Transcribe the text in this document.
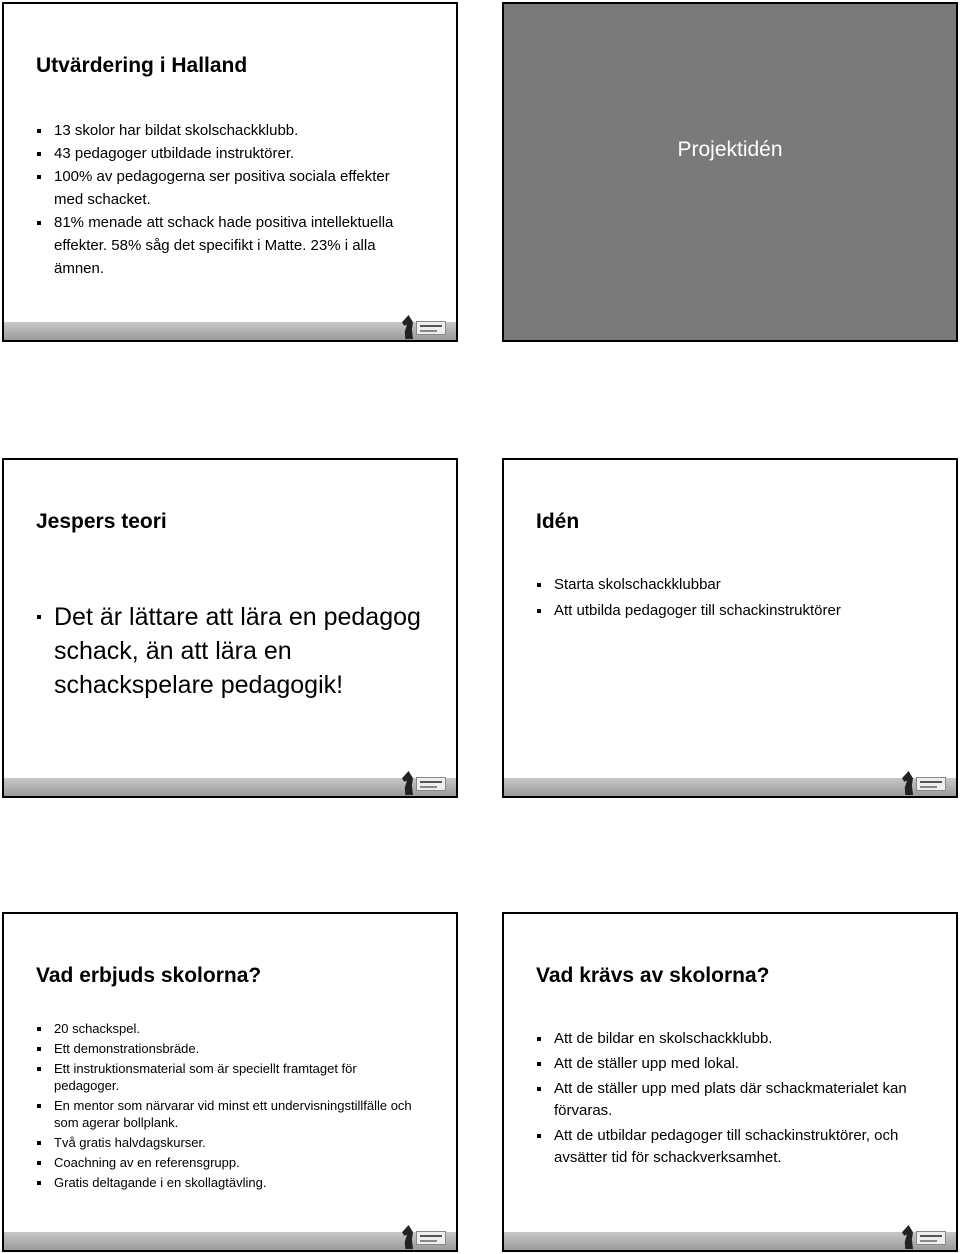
Utvärdering i Halland
13 skolor har bildat skolschackklubb.
43 pedagoger utbildade instruktörer.
100% av pedagogerna ser positiva sociala effekter med schacket.
81% menade att schack hade positiva intellektuella effekter. 58% såg det specifikt i Matte. 23% i alla ämnen.
Projektidén
Jespers teori
Det är lättare att lära en pedagog schack, än att lära en schackspelare pedagogik!
Idén
Starta skolschackklubbar
Att utbilda pedagoger till schackinstruktörer
Vad erbjuds skolorna?
20 schackspel.
Ett demonstrationsbräde.
Ett instruktionsmaterial som är speciellt framtaget för pedagoger.
En mentor som närvarar vid minst ett undervisningstillfälle och som agerar bollplank.
Två gratis halvdagskurser.
Coachning av en referensgrupp.
Gratis deltagande i en skollagtävling.
Vad krävs av skolorna?
Att de bildar en skolschackklubb.
Att de ställer upp med lokal.
Att de ställer upp med plats där schackmaterialet kan förvaras.
Att de utbildar pedagoger till schackinstruktörer, och avsätter tid för schackverksamhet.
